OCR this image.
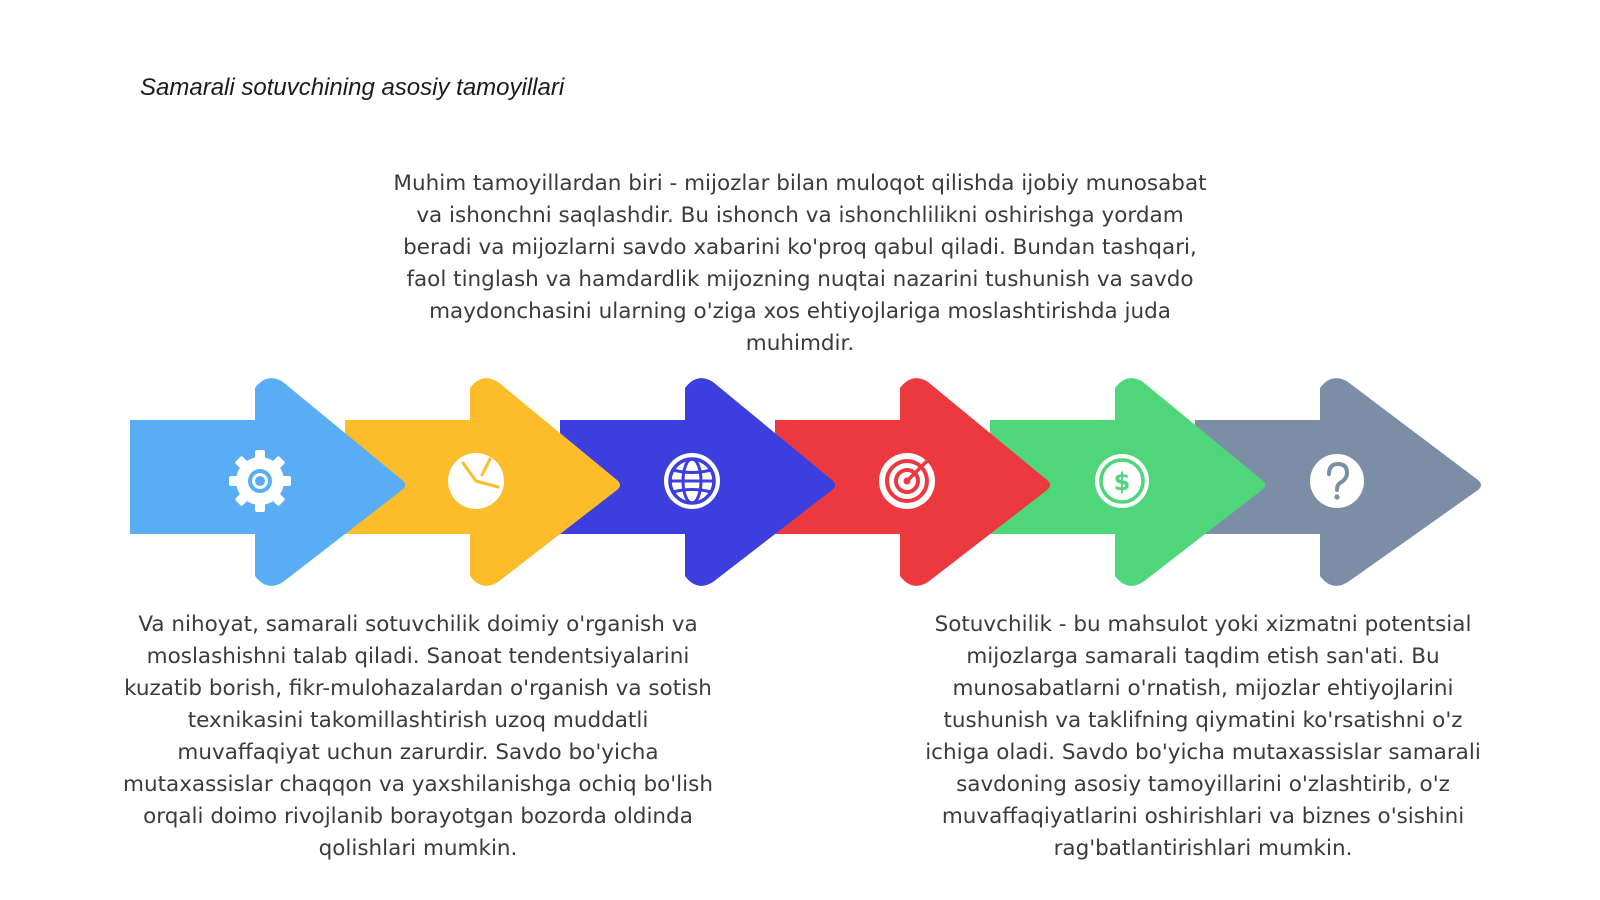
Samarali sotuvchining asosiy tamoyillari
Muhim tamoyillardan biri - mijozlar bilan muloqot qilishda ijobiy munosabat va ishonchni saqlashdir. Bu ishonch va ishonchlilikni oshirishga yordam beradi va mijozlarni savdo xabarini ko'proq qabul qiladi. Bundan tashqari, faol tinglash va hamdardlik mijozning nuqtai nazarini tushunish va savdo maydonchasini ularning o'ziga xos ehtiyojlariga moslashtirishda juda muhimdir.
$
Va nihoyat, samarali sotuvchilik doimiy o'rganish va moslashishni talab qiladi. Sanoat tendentsiyalarini kuzatib borish, fikr-mulohazalardan o'rganish va sotish texnikasini takomillashtirish uzoq muddatli muvaffaqiyat uchun zarurdir. Savdo bo'yicha mutaxassislar chaqqon va yaxshilanishga ochiq bo'lish orqali doimo rivojlanib borayotgan bozorda oldinda qolishlari mumkin.
Sotuvchilik - bu mahsulot yoki xizmatni potentsial mijozlarga samarali taqdim etish san'ati. Bu munosabatlarni o'rnatish, mijozlar ehtiyojlarini tushunish va taklifning qiymatini ko'rsatishni o'z ichiga oladi. Savdo bo'yicha mutaxassislar samarali savdoning asosiy tamoyillarini o'zlashtirib, o'z muvaffaqiyatlarini oshirishlari va biznes o'sishini rag'batlantirishlari mumkin.
